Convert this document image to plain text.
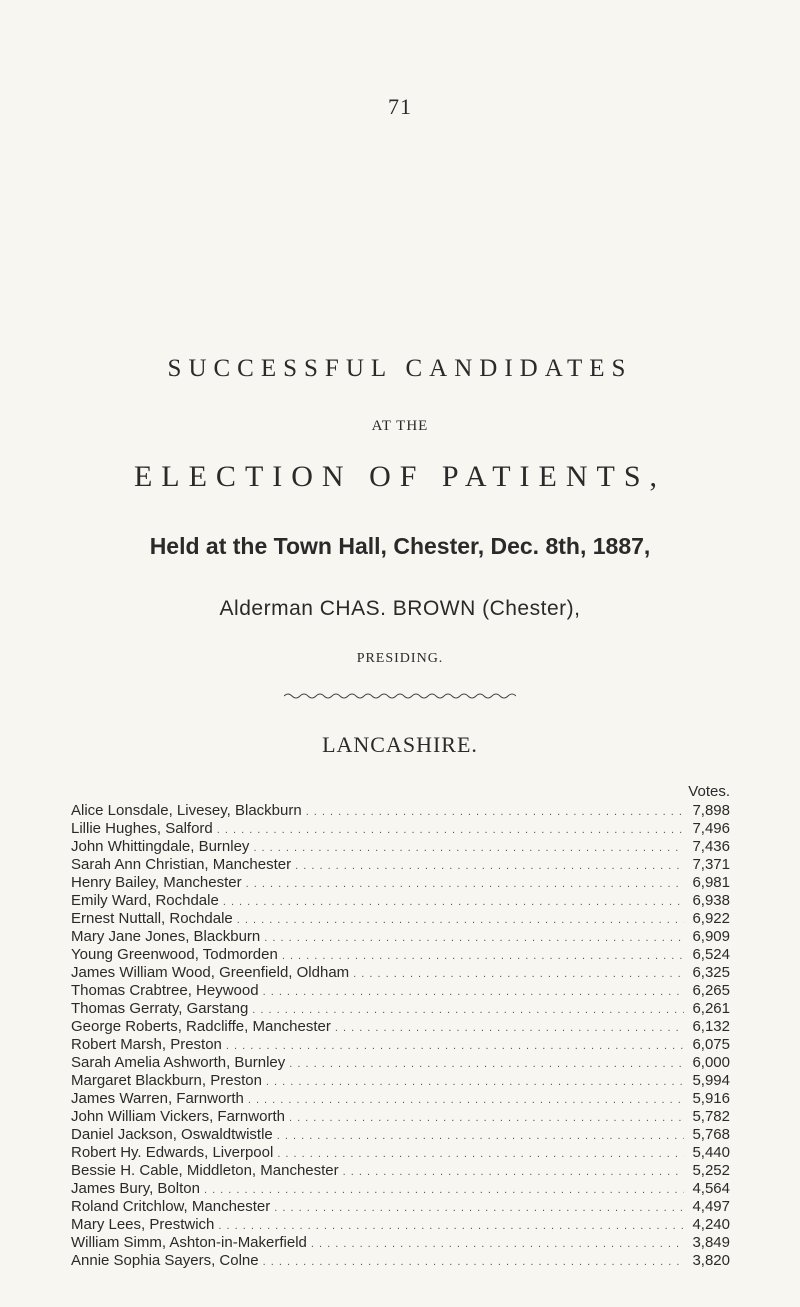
71
SUCCESSFUL CANDIDATES
AT THE
ELECTION OF PATIENTS,
Held at the Town Hall, Chester, Dec. 8th, 1887,
Alderman CHAS. BROWN (Chester),
PRESIDING.
LANCASHIRE.
Votes.
Alice Lonsdale, Livesey, Blackburn . . .	7,898
Lillie Hughes, Salford . . .	7,496
John Whittingdale, Burnley . . .	7,436
Sarah Ann Christian, Manchester . . .	7,371
Henry Bailey, Manchester . . .	6,981
Emily Ward, Rochdale . . .	6,938
Ernest Nuttall, Rochdale . . .	6,922
Mary Jane Jones, Blackburn . . .	6,909
Young Greenwood, Todmorden . . .	6,524
James William Wood, Greenfield, Oldham . . .	6,325
Thomas Crabtree, Heywood . . .	6,265
Thomas Gerraty, Garstang . . .	6,261
George Roberts, Radcliffe, Manchester . . .	6,132
Robert Marsh, Preston . . .	6,075
Sarah Amelia Ashworth, Burnley . . .	6,000
Margaret Blackburn, Preston . . .	5,994
James Warren, Farnworth . . .	5,916
John William Vickers, Farnworth . . .	5,782
Daniel Jackson, Oswaldtwistle . . .	5,768
Robert Hy. Edwards, Liverpool . . .	5,440
Bessie H. Cable, Middleton, Manchester . . .	5,252
James Bury, Bolton . . .	4,564
Roland Critchlow, Manchester . . .	4,497
Mary Lees, Prestwich . . .	4,240
William Simm, Ashton-in-Makerfield . . .	3,849
Annie Sophia Sayers, Colne . . .	3,820
